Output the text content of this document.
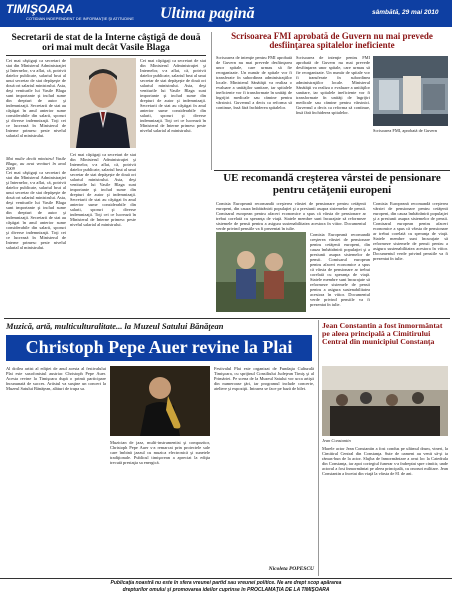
TIMIŞOARA
COTIDIAN INDEPENDENT DE INFORMAŢIE ŞI ATITUDINE Ultima pagină	sâmbătă, 29 mai 2010
Secretarii de stat de la Interne câştigă de două ori mai mult decât Vasile Blaga
Cei mai câştigaţi ca secretari de stat din Ministerul Administraţiei şi Internelor, s-a aflat, că, potrivit datelor publicate, salariul brut al unui secretar de stat depăşeşte de două ori salariul ministrului. Asta, deşi veniturile lui Vasile Blaga sunt importante şi includ sume din drepturi de autor şi indemnizaţii. Secretarii de stat au câştigat în anul anterior sume considerabile din salarii, sporuri şi diverse indemnizaţii. Toţi cei ce lucrează în Ministerul de Interne primesc peste nivelul salarial al ministrului.
Mai multe decât ministrul Vasile Blaga, au avut venituri în anul 2009
Cei mai câştigaţi ca secretari de stat din Ministerul Administraţiei şi Internelor, s-a aflat, că, potrivit datelor publicate, salariul brut al unui secretar de stat depăşeşte de două ori salariul ministrului. Asta, deşi veniturile lui Vasile Blaga sunt importante şi includ sume din drepturi de autor şi indemnizaţii. Secretarii de stat au câştigat în anul anterior sume considerabile din salarii, sporuri şi diverse indemnizaţii. Toţi cei ce lucrează în Ministerul de Interne primesc peste nivelul salarial al ministrului.
Cei mai câştigaţi ca secretari de stat din Ministerul Administraţiei şi Internelor, s-a aflat, că, potrivit datelor publicate, salariul brut al unui secretar de stat depăşeşte de două ori salariul ministrului. Asta, deşi veniturile lui Vasile Blaga sunt importante şi includ sume din drepturi de autor şi indemnizaţii. Secretarii de stat au câştigat în anul anterior sume considerabile din salarii, sporuri şi diverse indemnizaţii. Toţi cei ce lucrează în Ministerul de Interne primesc peste nivelul salarial al ministrului.
Cei mai câştigaţi ca secretari de stat din Ministerul Administraţiei şi Internelor, s-a aflat, că, potrivit datelor publicate, salariul brut al unui secretar de stat depăşeşte de două ori salariul ministrului. Asta, deşi veniturile lui Vasile Blaga sunt importante şi includ sume din drepturi de autor şi indemnizaţii. Secretarii de stat au câştigat în anul anterior sume considerabile din salarii, sporuri şi diverse indemnizaţii. Toţi cei ce lucrează în Ministerul de Interne primesc peste nivelul salarial al ministrului.
Scrisoarea FMI aprobată de Guvern nu mai prevede desfiinţarea spitalelor ineficiente
Scrisoarea de intenţie pentru FMI aprobată de Guvern nu mai prevede desfiinţarea unor spitale, care urmau să fie reorganizate. Un număr de spitale vor fi transferate în subordinea administraţiilor locale. Ministerul Sănătăţii va realiza o evaluare a unităţilor sanitare, iar spitalele ineficiente vor fi transformate în unităţi de îngrijiri medicale sau cămine pentru vârstnici. Guvernul a decis ca reforma să continue, însă fără închiderea spitalelor.
Scrisoarea de intenţie pentru FMI aprobată de Guvern nu mai prevede desfiinţarea unor spitale, care urmau să fie reorganizate. Un număr de spitale vor fi transferate în subordinea administraţiilor locale. Ministerul Sănătăţii va realiza o evaluare a unităţilor sanitare, iar spitalele ineficiente vor fi transformate în unităţi de îngrijiri medicale sau cămine pentru vârstnici. Guvernul a decis ca reforma să continue, însă fără închiderea spitalelor.
Scrisoarea FMI, aprobată de Guvern
UE recomandă creşterea vârstei de pensionare pentru cetăţenii europeni
Comisia Europeană recomandă creşterea vârstei de pensionare pentru cetăţenii europeni, din cauza îmbătrânirii populaţiei şi a presiunii asupra sistemelor de pensii. Comisarul european pentru afaceri economice a spus că vârsta de pensionare ar trebui corelată cu speranţa de viaţă. Statele membre sunt încurajate să reformeze sistemele de pensii pentru a asigura sustenabilitatea acestora în viitor. Documentul verde privind pensiile va fi prezentat în iulie.
Comisia Europeană recomandă creşterea vârstei de pensionare pentru cetăţenii europeni, din cauza îmbătrânirii populaţiei şi a presiunii asupra sistemelor de pensii. Comisarul european pentru afaceri economice a spus că vârsta de pensionare ar trebui corelată cu speranţa de viaţă. Statele membre sunt încurajate să reformeze sistemele de pensii pentru a asigura sustenabilitatea acestora în viitor. Documentul verde privind pensiile va fi prezentat în iulie.
Comisia Europeană recomandă creşterea vârstei de pensionare pentru cetăţenii europeni, din cauza îmbătrânirii populaţiei şi a presiunii asupra sistemelor de pensii. Comisarul european pentru afaceri economice a spus că vârsta de pensionare ar trebui corelată cu speranţa de viaţă. Statele membre sunt încurajate să reformeze sistemele de pensii pentru a asigura sustenabilitatea acestora în viitor. Documentul verde privind pensiile va fi prezentat în iulie.
Muzică, artă, multiculturalitate... la Muzeul Satului Bănăţean
Christoph Pepe Auer revine la Plai
Al doilea artist al ediţiei de anul acesta al festivalului Plai este saxofonistul austriac Christoph Pepe Auer. Acesta revine la Timişoara după o primă participare încununată de succes. Artistul va susţine un concert la Muzeul Satului Bănăţean, alături de trupa sa.
Muzician de jazz, multi-instrumentist şi compozitor, Christoph Pepe Auer s-a remarcat prin proiectele sale care îmbină jazzul cu muzica electronică şi sunetele tradiţionale. Publicul timişorean a apreciat la ediţia trecută prestaţia sa energică.
Festivalul Plai este organizat de Fundaţia Culturală Timişoara, cu sprijinul Consiliului Judeţean Timiş şi al Primăriei. Pe scena de la Muzeul Satului vor urca artişti din numeroase ţări, iar programul include concerte, ateliere şi expoziţii. Intrarea se face pe bază de bilet.
Nicoleta POPESCU
Jean Constantin a fost înmormântat pe aleea principală a Cimitirului Central din municipiul Constanţa
Jean Constantin
Marele actor Jean Constantin a fost condus pe ultimul drum, vineri, la Cimitirul Central din Constanţa. Sute de oameni au venit să-şi ia rămas-bun de la actor. Slujba de înmormântare a avut loc la Catedrala din Constanţa, iar apoi cortegiul funerar s-a îndreptat spre cimitir, unde actorul a fost înmormântat pe aleea principală, cu onoruri militare. Jean Constantin a încetat din viaţă la vârsta de 81 de ani.
Publicaţia noastră nu este în sfera vreunei partid sau vreunei politice. Ne are drept scop apărarea
drepturilor omului şi promovarea ideilor cuprinse în PROCLAMAŢIA DE LA TIMIŞOARA
